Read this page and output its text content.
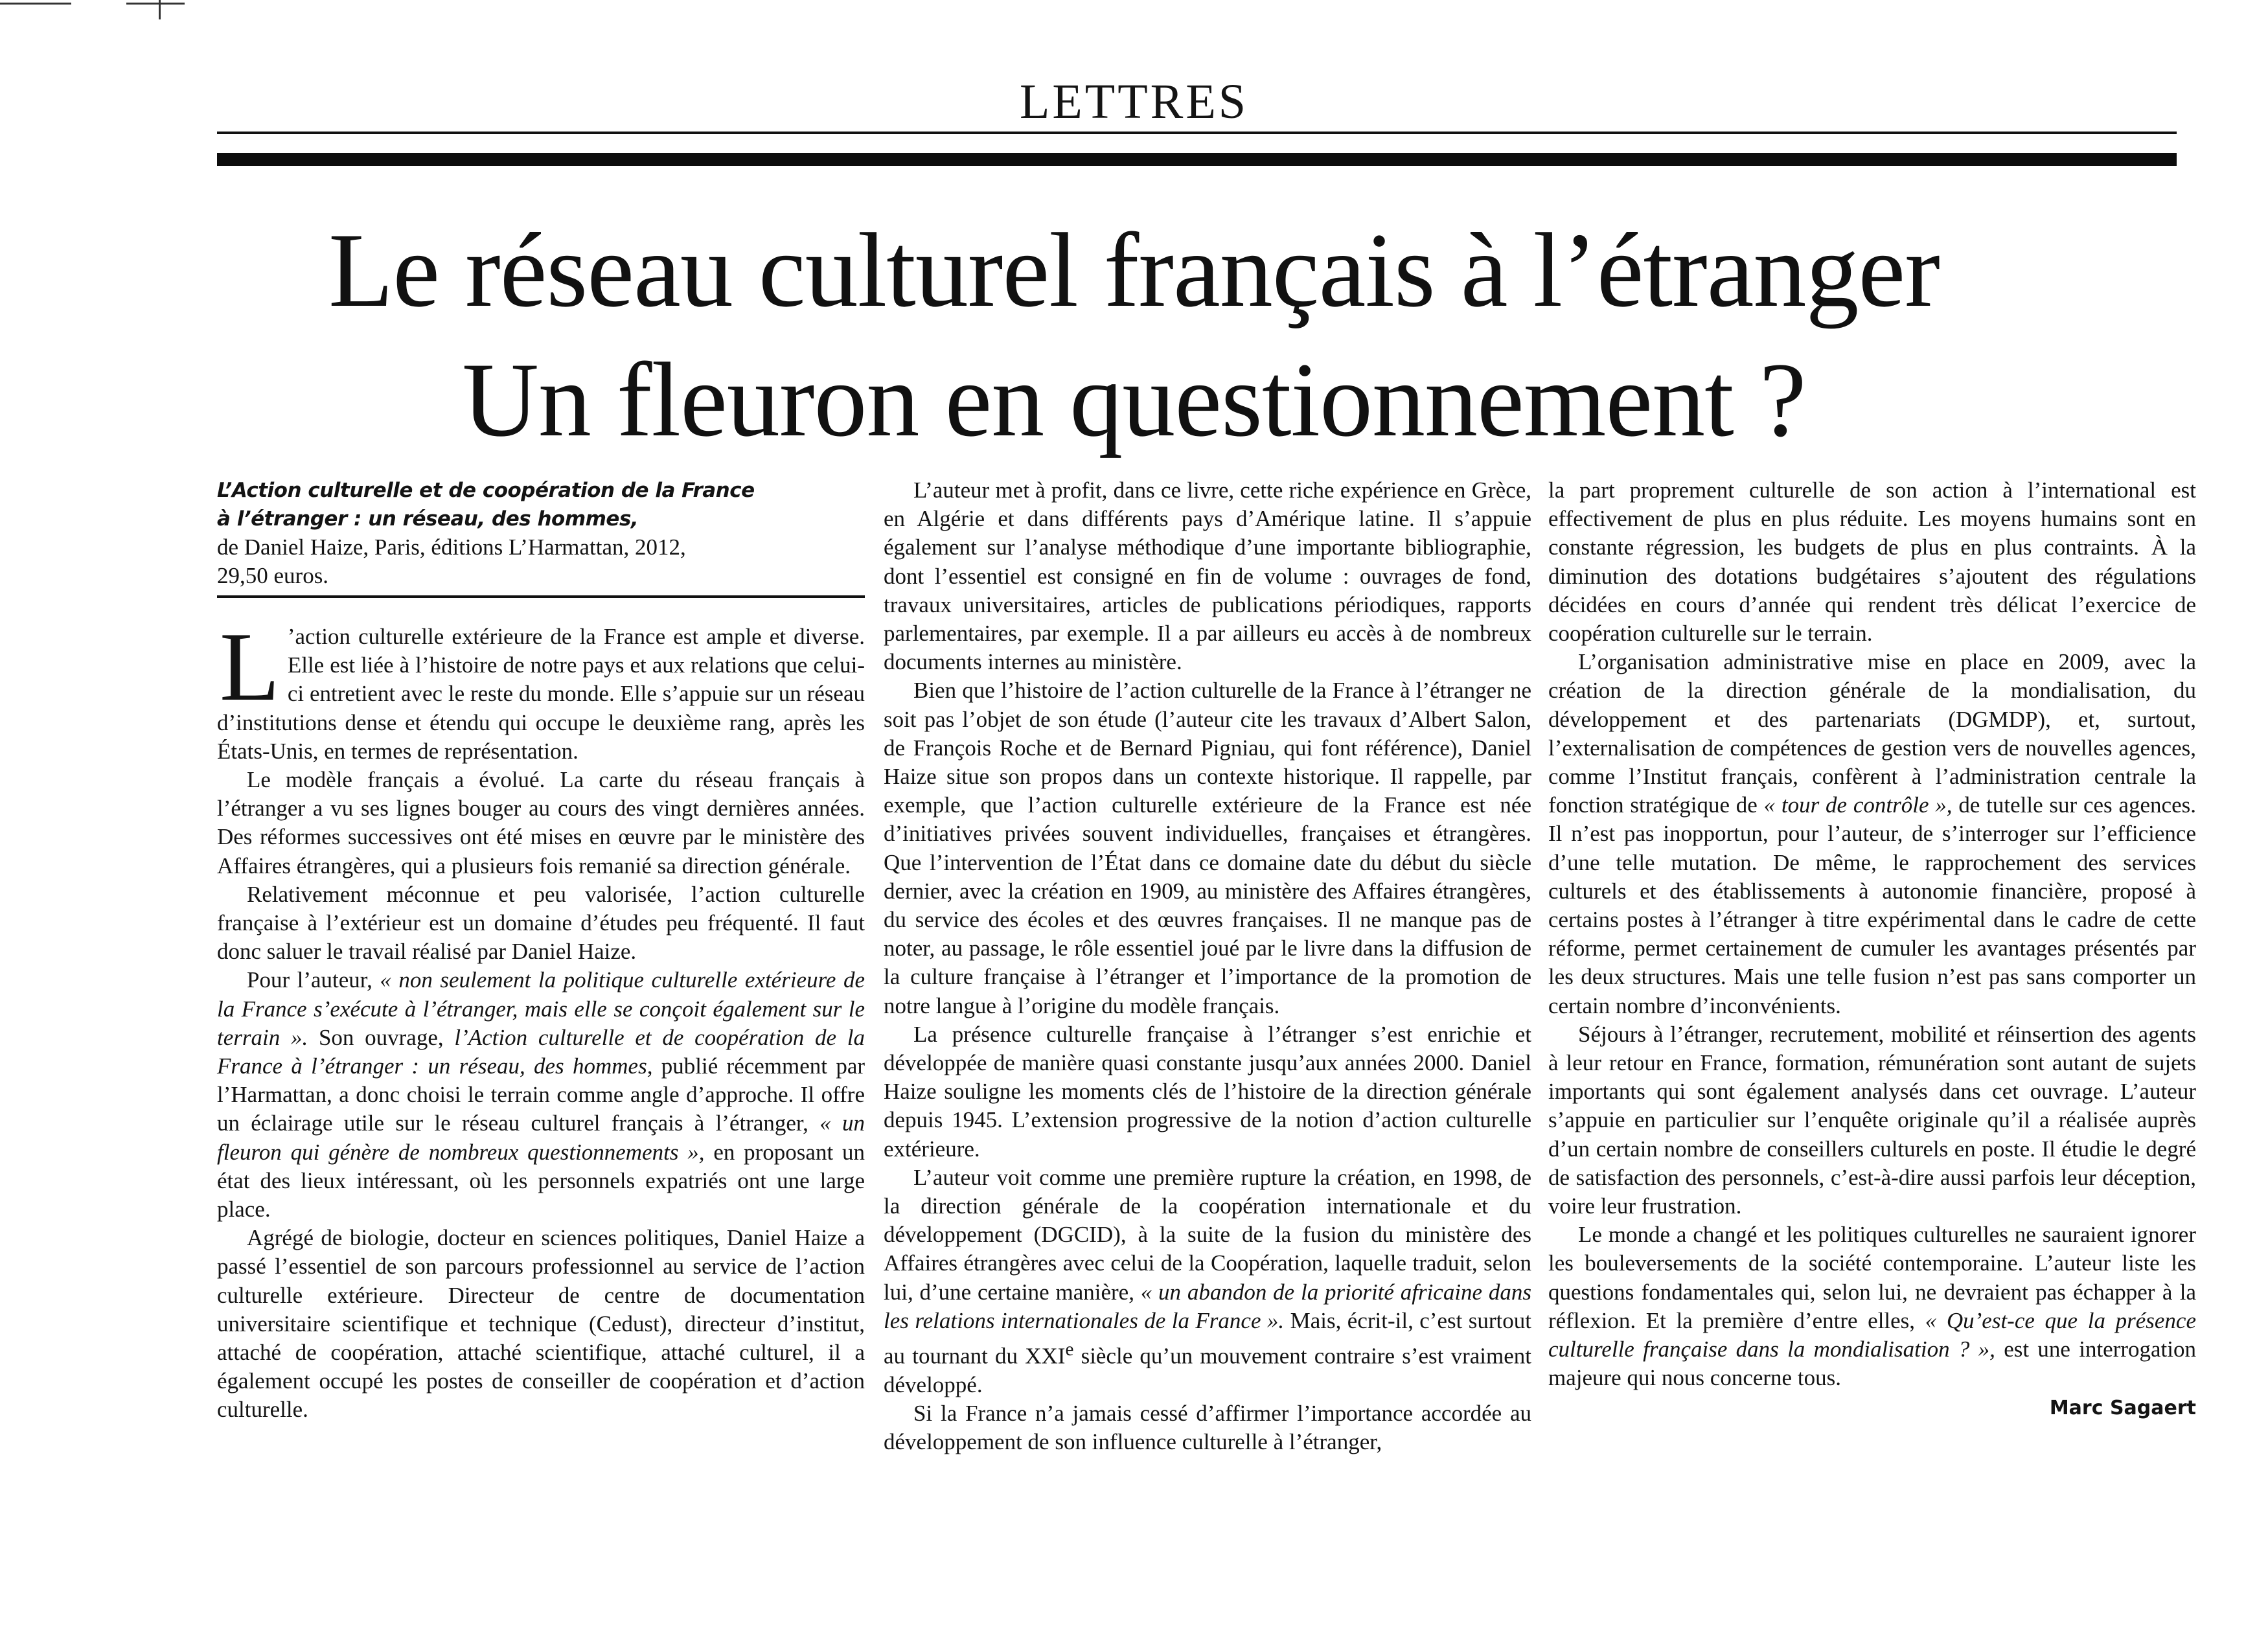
LETTRES
Le réseau culturel français à l’étranger
Un fleuron en questionnement ?
L’Action culturelle et de coopération de la France
à l’étranger : un réseau, des hommes,
de Daniel Haize, Paris, éditions L’Harmattan, 2012,
29,50 euros.

L ’action culturelle extérieure de la France est ample et diverse. Elle est liée à l’histoire de notre pays et aux relations que celui-ci entretient avec le reste du monde. Elle s’appuie sur un réseau d’institutions dense et étendu qui occupe le deuxième rang, après les États-Unis, en termes de représentation.

Le modèle français a évolué. La carte du réseau français à l’étranger a vu ses lignes bouger au cours des vingt dernières années. Des réformes successives ont été mises en œuvre par le ministère des Affaires étrangères, qui a plusieurs fois remanié sa direction générale.

Relativement méconnue et peu valorisée, l’action culturelle française à l’extérieur est un domaine d’études peu fréquenté. Il faut donc saluer le travail réalisé par Daniel Haize.

Pour l’auteur, « non seulement la politique culturelle extérieure de la France s’exécute à l’étranger, mais elle se conçoit également sur le terrain ». Son ouvrage, l’Action culturelle et de coopération de la France à l’étranger : un réseau, des hommes, publié récemment par l’Harmattan, a donc choisi le terrain comme angle d’approche. Il offre un éclairage utile sur le réseau culturel français à l’étranger, « un fleuron qui génère de nombreux questionnements », en proposant un état des lieux intéressant, où les personnels expatriés ont une large place.

Agrégé de biologie, docteur en sciences politiques, Daniel Haize a passé l’essentiel de son parcours professionnel au service de l’action culturelle extérieure. Directeur de centre de documentation universitaire scientifique et technique (Cedust), directeur d’institut, attaché de coopération, attaché scientifique, attaché culturel, il a également occupé les postes de conseiller de coopération et d’action culturelle.

L’auteur met à profit, dans ce livre, cette riche expérience en Grèce, en Algérie et dans différents pays d’Amérique latine. Il s’appuie également sur l’analyse méthodique d’une importante bibliographie, dont l’essentiel est consigné en fin de volume : ouvrages de fond, travaux universitaires, articles de publications périodiques, rapports parlementaires, par exemple. Il a par ailleurs eu accès à de nombreux documents internes au ministère.

Bien que l’histoire de l’action culturelle de la France à l’étranger ne soit pas l’objet de son étude (l’auteur cite les travaux d’Albert Salon, de François Roche et de Bernard Pigniau, qui font référence), Daniel Haize situe son propos dans un contexte historique. Il rappelle, par exemple, que l’action culturelle extérieure de la France est née d’initiatives privées souvent individuelles, françaises et étrangères. Que l’intervention de l’État dans ce domaine date du début du siècle dernier, avec la création en 1909, au ministère des Affaires étrangères, du service des écoles et des œuvres françaises. Il ne manque pas de noter, au passage, le rôle essentiel joué par le livre dans la diffusion de la culture française à l’étranger et l’importance de la promotion de notre langue à l’origine du modèle français.

La présence culturelle française à l’étranger s’est enrichie et développée de manière quasi constante jusqu’aux années 2000. Daniel Haize souligne les moments clés de l’histoire de la direction générale depuis 1945. L’extension progressive de la notion d’action culturelle extérieure.

L’auteur voit comme une première rupture la création, en 1998, de la direction générale de la coopération internationale et du développement (DGCID), à la suite de la fusion du ministère des Affaires étrangères avec celui de la Coopération, laquelle traduit, selon lui, d’une certaine manière, « un abandon de la priorité africaine dans les relations internationales de la France ». Mais, écrit-il, c’est surtout au tournant du XXIe siècle qu’un mouvement contraire s’est vraiment développé.

Si la France n’a jamais cessé d’affirmer l’importance accordée au développement de son influence culturelle à l’étranger,

la part proprement culturelle de son action à l’international est effectivement de plus en plus réduite. Les moyens humains sont en constante régression, les budgets de plus en plus contraints. À la diminution des dotations budgétaires s’ajoutent des régulations décidées en cours d’année qui rendent très délicat l’exercice de coopération culturelle sur le terrain.

L’organisation administrative mise en place en 2009, avec la création de la direction générale de la mondialisation, du développement et des partenariats (DGMDP), et, surtout, l’externalisation de compétences de gestion vers de nouvelles agences, comme l’Institut français, confèrent à l’administration centrale la fonction stratégique de « tour de contrôle », de tutelle sur ces agences. Il n’est pas inopportun, pour l’auteur, de s’interroger sur l’efficience d’une telle mutation. De même, le rapprochement des services culturels et des établissements à autonomie financière, proposé à certains postes à l’étranger à titre expérimental dans le cadre de cette réforme, permet certainement de cumuler les avantages présentés par les deux structures. Mais une telle fusion n’est pas sans comporter un certain nombre d’inconvénients.

Séjours à l’étranger, recrutement, mobilité et réinsertion des agents à leur retour en France, formation, rémunération sont autant de sujets importants qui sont également analysés dans cet ouvrage. L’auteur s’appuie en particulier sur l’enquête originale qu’il a réalisée auprès d’un certain nombre de conseillers culturels en poste. Il étudie le degré de satisfaction des personnels, c’est-à-dire aussi parfois leur déception, voire leur frustration.

Le monde a changé et les politiques culturelles ne sauraient ignorer les bouleversements de la société contemporaine. L’auteur liste les questions fondamentales qui, selon lui, ne devraient pas échapper à la réflexion. Et la première d’entre elles, « Qu’est-ce que la présence culturelle française dans la mondialisation ? », est une interrogation majeure qui nous concerne tous.

Marc Sagaert
